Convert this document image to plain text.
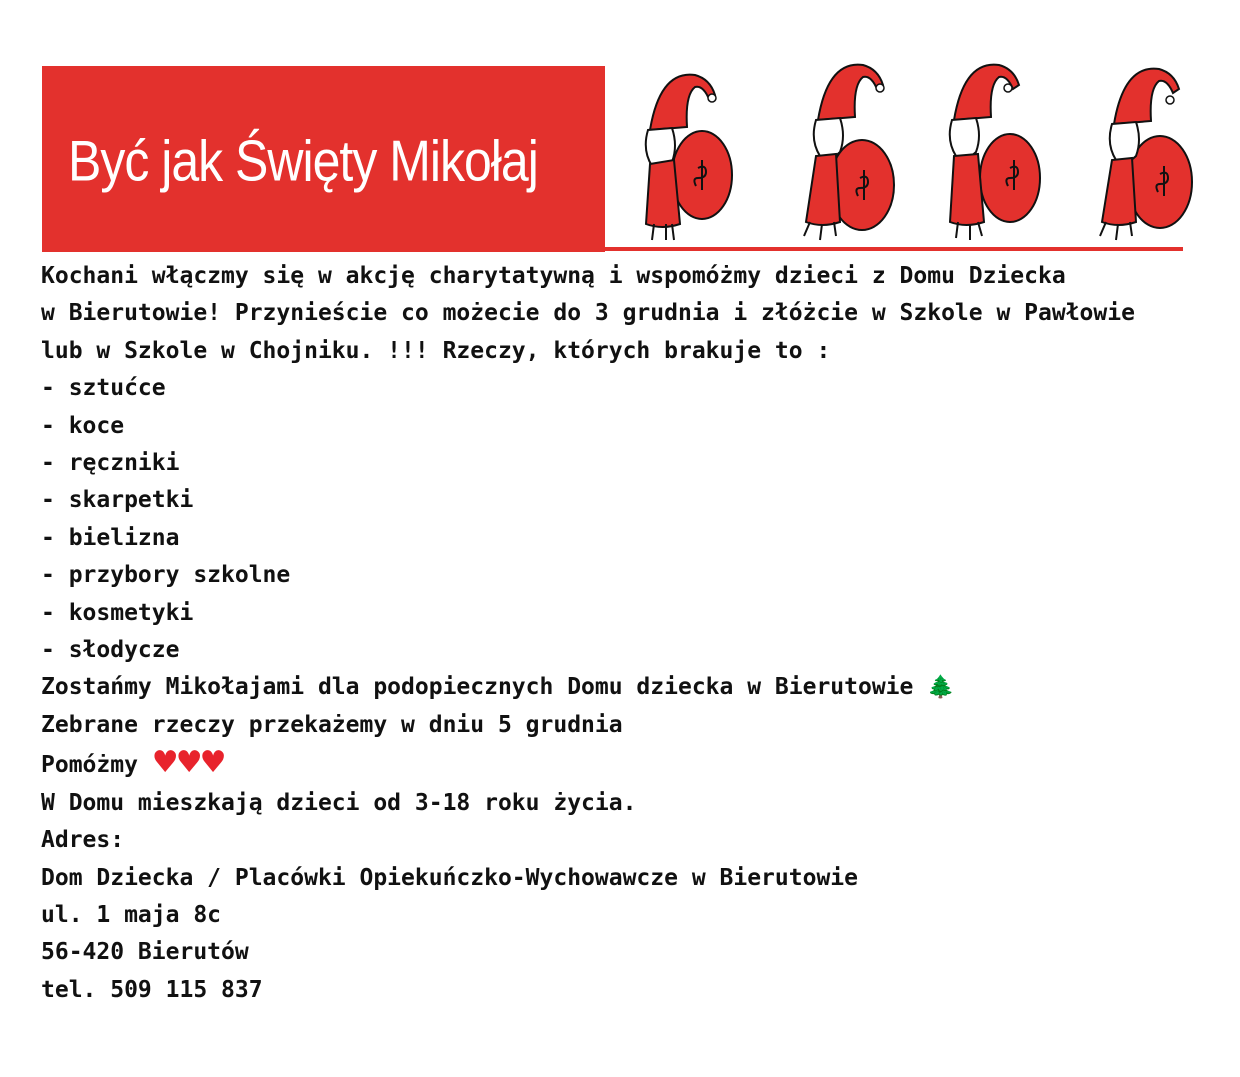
Być jak Święty Mikołaj
Kochani włączmy się w akcję charytatywną i wspomóżmy dzieci z Domu Dziecka
w Bierutowie! Przynieście co możecie do 3 grudnia i złóżcie w Szkole w Pawłowie
lub w Szkole w Chojniku. !!! Rzeczy, których brakuje to :
- sztućce
- koce
- ręczniki
- skarpetki
- bielizna
- przybory szkolne
- kosmetyki
- słodycze
Zostańmy Mikołajami dla podopiecznych Domu dziecka w Bierutowie 🌲
Zebrane rzeczy przekażemy w dniu 5 grudnia
Pomóżmy ♥♥♥
W Domu mieszkają dzieci od 3-18 roku życia.
Adres:
Dom Dziecka / Placówki Opiekuńczko-Wychowawcze w Bierutowie
ul. 1 maja 8c
56-420 Bierutów
tel. 509 115 837
